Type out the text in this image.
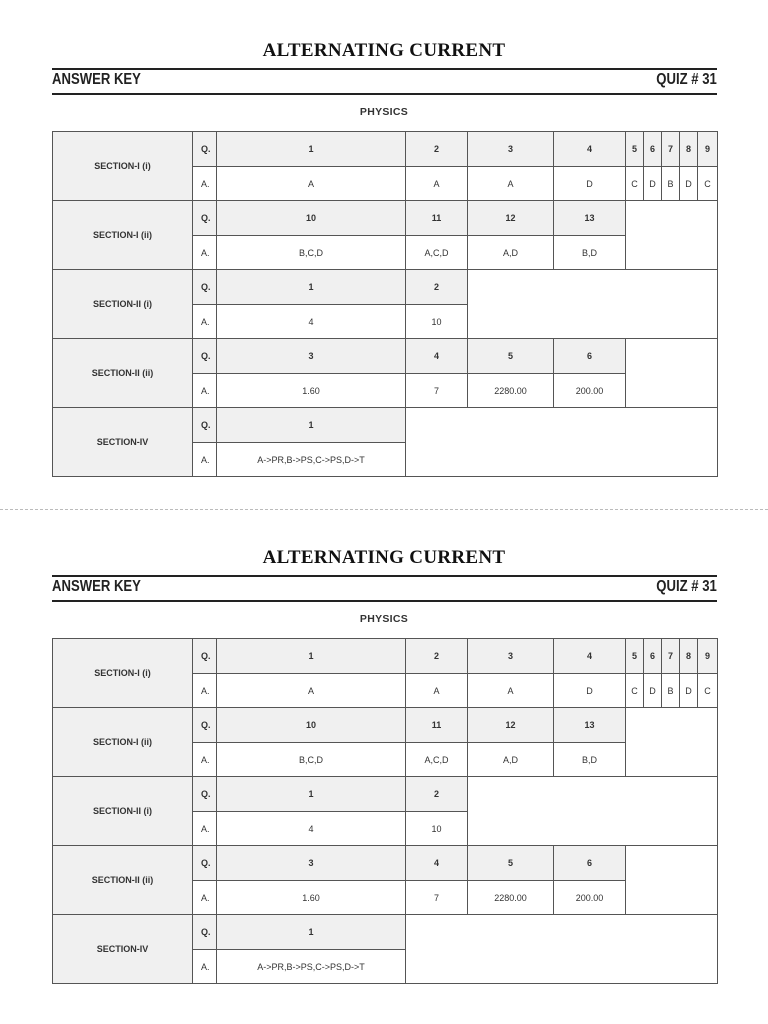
ALTERNATING CURRENT
ANSWER KEY	QUIZ # 31
PHYSICS
SECTION-I (i)
Q.
A.
1
A
2
A
3
A
4
D
5
C
6
D
7
B
8
D
9
C
SECTION-I (ii)
Q.
A.
10
B,C,D
11
A,C,D
12
A,D
13
B,D
SECTION-II (i)
Q.
A.
1
4
2
10
SECTION-II (ii)
Q.
A.
3
1.60
4
7
5
2280.00
6
200.00
SECTION-IV
Q.
A.
1
A->PR,B->PS,C->PS,D->T
ALTERNATING CURRENT
ANSWER KEY	QUIZ # 31
PHYSICS
SECTION-I (i)
Q.
A.
1
A
2
A
3
A
4
D
5
C
6
D
7
B
8
D
9
C
SECTION-I (ii)
Q.
A.
10
B,C,D
11
A,C,D
12
A,D
13
B,D
SECTION-II (i)
Q.
A.
1
4
2
10
SECTION-II (ii)
Q.
A.
3
1.60
4
7
5
2280.00
6
200.00
SECTION-IV
Q.
A.
1
A->PR,B->PS,C->PS,D->T
